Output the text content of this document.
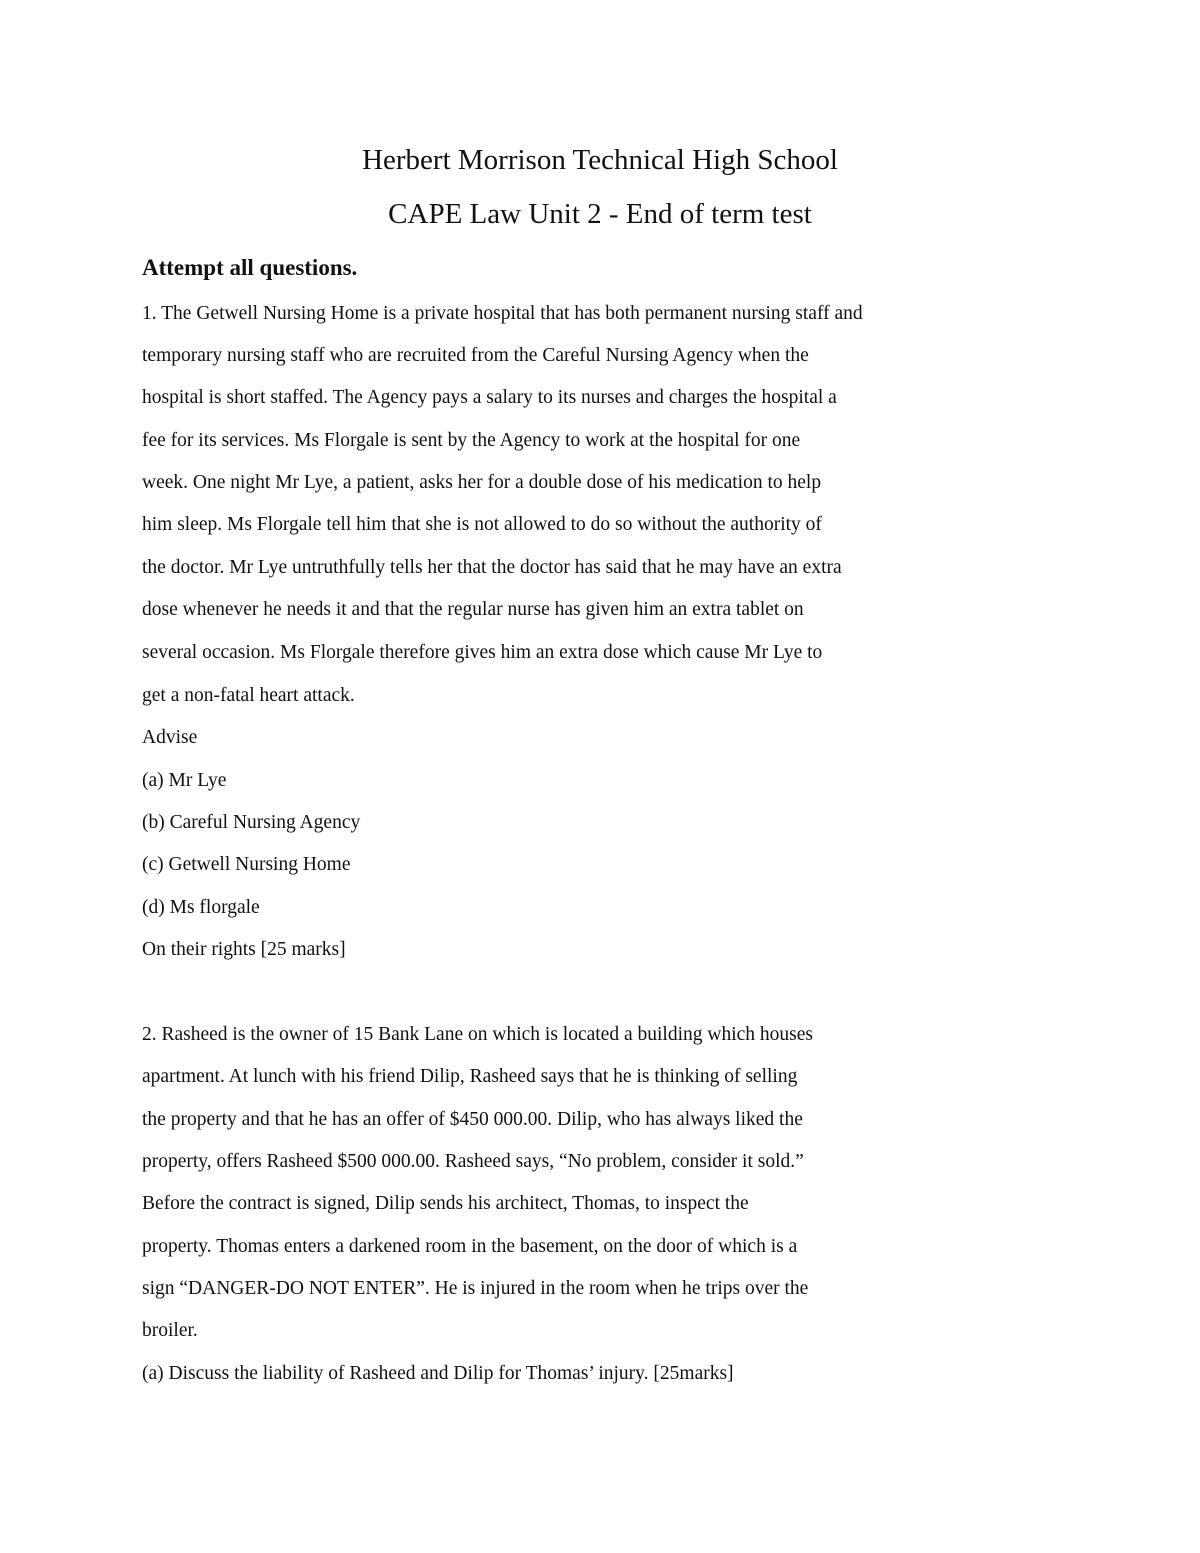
Herbert Morrison Technical High School
CAPE Law Unit 2 - End of term test
Attempt all questions.
1. The Getwell Nursing Home is a private hospital that has both permanent nursing staff and
temporary nursing staff who are recruited from the Careful Nursing Agency when the
hospital is short staffed. The Agency pays a salary to its nurses and charges the hospital a
fee for its services. Ms Florgale is sent by the Agency to work at the hospital for one
week. One night Mr Lye, a patient, asks her for a double dose of his medication to help
him sleep. Ms Florgale tell him that she is not allowed to do so without the authority of
the doctor. Mr Lye untruthfully tells her that the doctor has said that he may have an extra
dose whenever he needs it and that the regular nurse has given him an extra tablet on
several occasion. Ms Florgale therefore gives him an extra dose which cause Mr Lye to
get a non-fatal heart attack.
Advise
(a) Mr Lye
(b) Careful Nursing Agency
(c) Getwell Nursing Home
(d) Ms florgale
On their rights [25 marks]
2. Rasheed is the owner of 15 Bank Lane on which is located a building which houses
apartment. At lunch with his friend Dilip, Rasheed says that he is thinking of selling
the property and that he has an offer of $450 000.00. Dilip, who has always liked the
property, offers Rasheed $500 000.00. Rasheed says, “No problem, consider it sold.”
Before the contract is signed, Dilip sends his architect, Thomas, to inspect the
property. Thomas enters a darkened room in the basement, on the door of which is a
sign “DANGER-DO NOT ENTER”. He is injured in the room when he trips over the
broiler.
(a) Discuss the liability of Rasheed and Dilip for Thomas’ injury. [25marks]
